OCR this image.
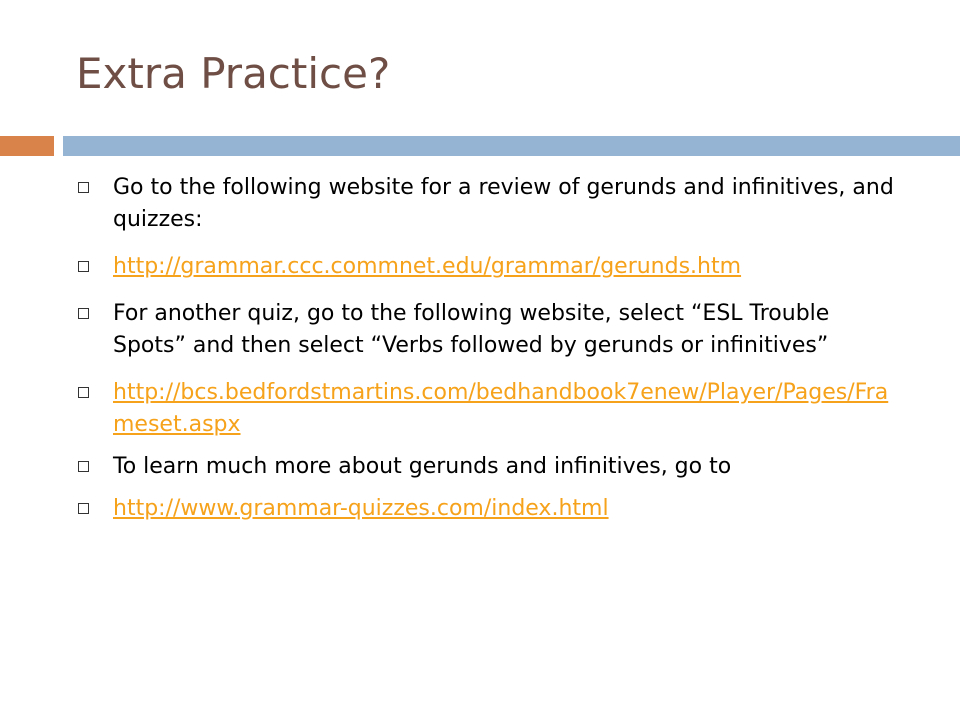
Extra Practice?
Go to the following website for a review of gerunds and infinitives, and quizzes:
http://grammar.ccc.commnet.edu/grammar/gerunds.htm
For another quiz, go to the following website, select “ESL Trouble Spots” and then select “Verbs followed by gerunds or infinitives”
http://bcs.bedfordstmartins.com/bedhandbook7enew/Player/Pages/Frameset.aspx
To learn much more about gerunds and infinitives, go to
http://www.grammar-quizzes.com/index.html
